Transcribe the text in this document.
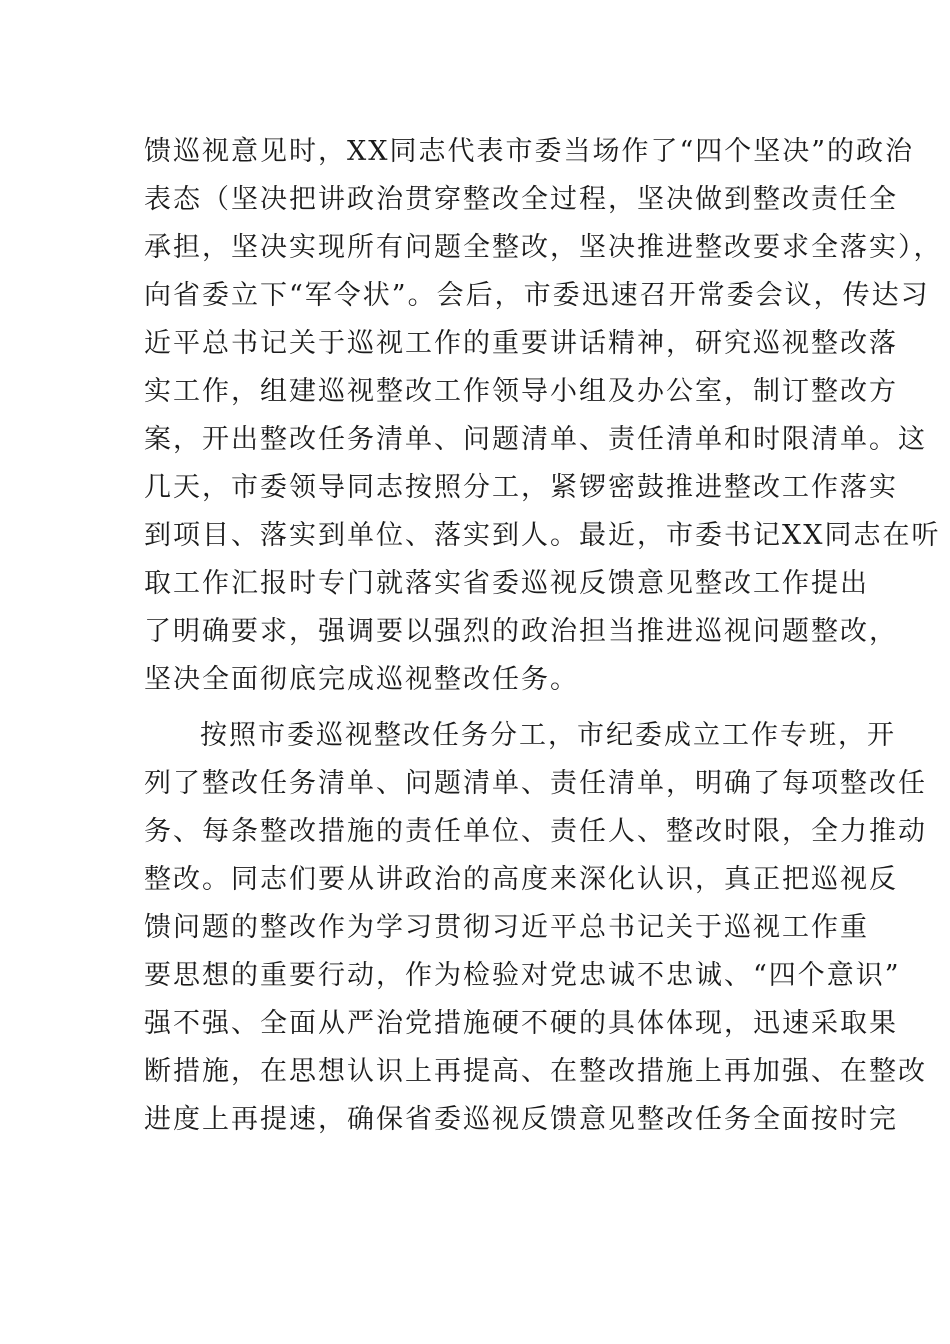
馈巡视意见时，XX同志代表市委当场作了“四个坚决”的政治
表态（坚决把讲政治贯穿整改全过程，坚决做到整改责任全
承担，坚决实现所有问题全整改，坚决推进整改要求全落实），
向省委立下“军令状”。会后，市委迅速召开常委会议，传达习
近平总书记关于巡视工作的重要讲话精神，研究巡视整改落
实工作，组建巡视整改工作领导小组及办公室，制订整改方
案，开出整改任务清单、问题清单、责任清单和时限清单。这
几天，市委领导同志按照分工，紧锣密鼓推进整改工作落实
到项目、落实到单位、落实到人。最近，市委书记XX同志在听
取工作汇报时专门就落实省委巡视反馈意见整改工作提出
了明确要求，强调要以强烈的政治担当推进巡视问题整改，
坚决全面彻底完成巡视整改任务。
按照市委巡视整改任务分工，市纪委成立工作专班，开
列了整改任务清单、问题清单、责任清单，明确了每项整改任
务、每条整改措施的责任单位、责任人、整改时限，全力推动
整改。同志们要从讲政治的高度来深化认识，真正把巡视反
馈问题的整改作为学习贯彻习近平总书记关于巡视工作重
要思想的重要行动，作为检验对党忠诚不忠诚、“四个意识”
强不强、全面从严治党措施硬不硬的具体体现，迅速采取果
断措施，在思想认识上再提高、在整改措施上再加强、在整改
进度上再提速，确保省委巡视反馈意见整改任务全面按时完
